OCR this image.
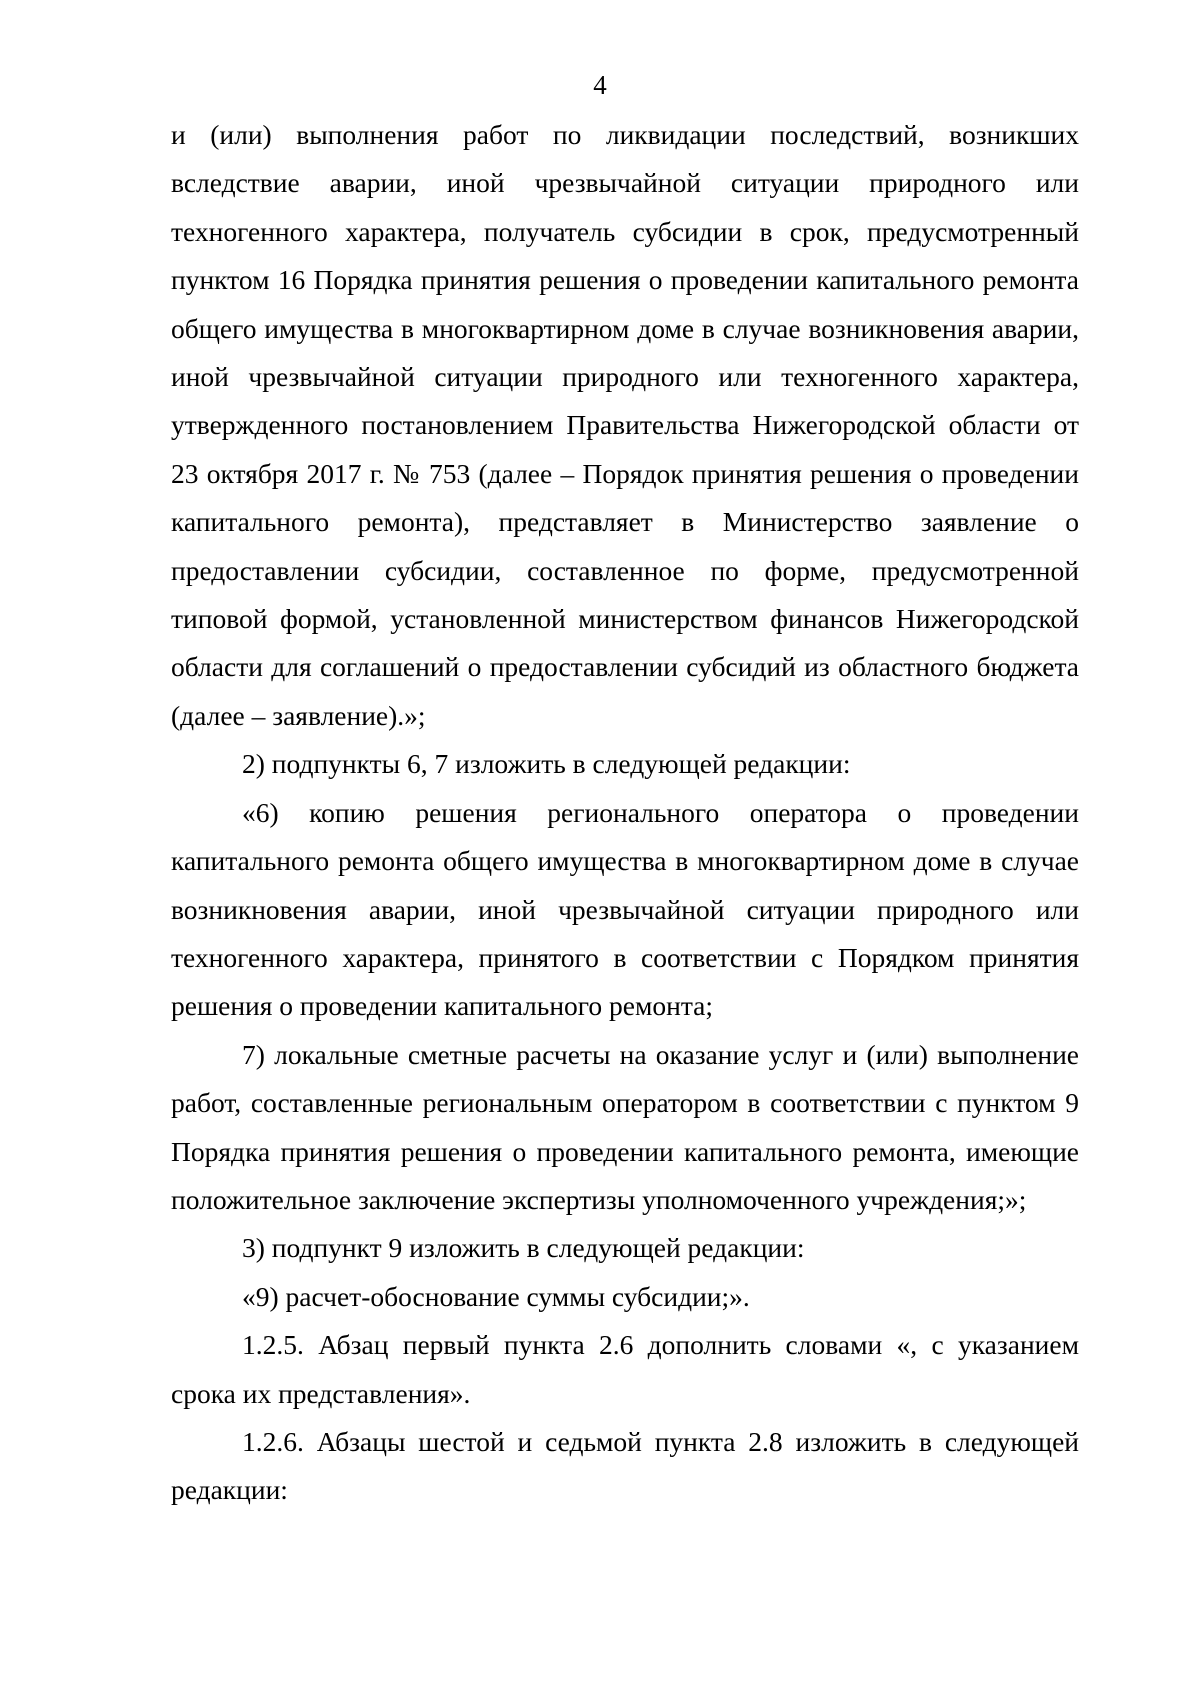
4

и (или) выполнения работ по ликвидации последствий, возникших вследствие аварии, иной чрезвычайной ситуации природного или техногенного характера, получатель субсидии в срок, предусмотренный пунктом 16 Порядка принятия решения о проведении капитального ремонта общего имущества в многоквартирном доме в случае возникновения аварии, иной чрезвычайной ситуации природного или техногенного характера, утвержденного постановлением Правительства Нижегородской области от 23 октября 2017 г. № 753 (далее – Порядок принятия решения о проведении капитального ремонта), представляет в Министерство заявление о предоставлении субсидии, составленное по форме, предусмотренной типовой формой, установленной министерством финансов Нижегородской области для соглашений о предоставлении субсидий из областного бюджета (далее – заявление).»;

2) подпункты 6, 7 изложить в следующей редакции:

«6) копию решения регионального оператора о проведении капитального ремонта общего имущества в многоквартирном доме в случае возникновения аварии, иной чрезвычайной ситуации природного или техногенного характера, принятого в соответствии с Порядком принятия решения о проведении капитального ремонта;

7) локальные сметные расчеты на оказание услуг и (или) выполнение работ, составленные региональным оператором в соответствии с пунктом 9 Порядка принятия решения о проведении капитального ремонта, имеющие положительное заключение экспертизы уполномоченного учреждения;»;

3) подпункт 9 изложить в следующей редакции:

«9) расчет-обоснование суммы субсидии;».

1.2.5. Абзац первый пункта 2.6 дополнить словами «, с указанием срока их представления».

1.2.6. Абзацы шестой и седьмой пункта 2.8 изложить в следующей редакции:
